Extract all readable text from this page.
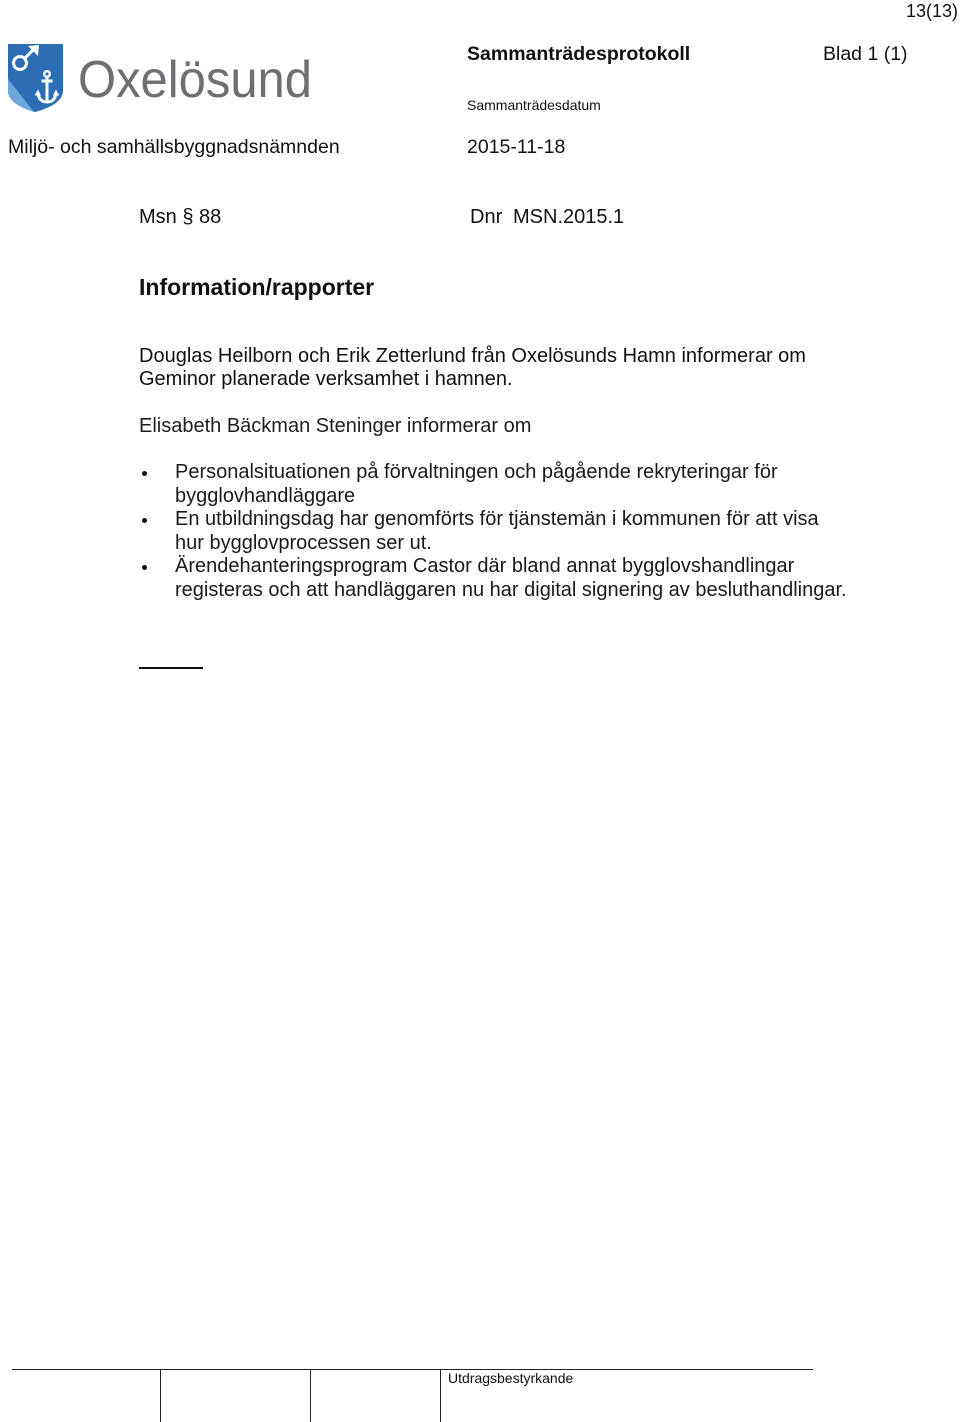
13(13)
Oxelösund	Sammanträdesprotokoll	Blad 1 (1)
Sammanträdesdatum
Miljö- och samhällsbyggnadsnämnden	2015-11-18
Msn § 88	Dnr MSN.2015.1
Information/rapporter
Douglas Heilborn och Erik Zetterlund från Oxelösunds Hamn informerar om
Geminor planerade verksamhet i hamnen.
Elisabeth Bäckman Steninger informerar om
Personalsituationen på förvaltningen och pågående rekryteringar för
bygglovhandläggare
En utbildningsdag har genomförts för tjänstemän i kommunen för att visa
hur bygglovprocessen ser ut.
Ärendehanteringsprogram Castor där bland annat bygglovshandlingar
registeras och att handläggaren nu har digital signering av besluthandlingar.
Utdragsbestyrkande
